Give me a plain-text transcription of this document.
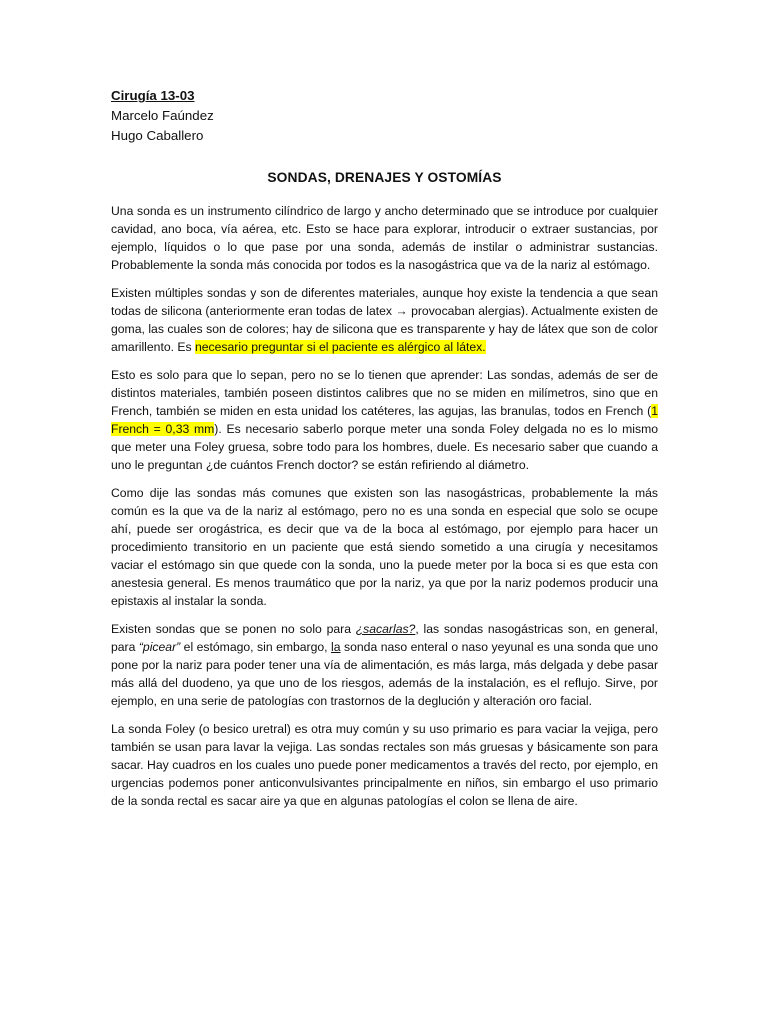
Cirugía 13-03

Marcelo Faúndez

Hugo Caballero

SONDAS, DRENAJES Y OSTOMÍAS

Una sonda es un instrumento cilíndrico de largo y ancho determinado que se introduce por cualquier cavidad, ano boca, vía aérea, etc. Esto se hace para explorar, introducir o extraer sustancias, por ejemplo, líquidos o lo que pase por una sonda, además de instilar o administrar sustancias. Probablemente la sonda más conocida por todos es la nasogástrica que va de la nariz al estómago.

Existen múltiples sondas y son de diferentes materiales, aunque hoy existe la tendencia a que sean todas de silicona (anteriormente eran todas de latex → provocaban alergias). Actualmente existen de goma, las cuales son de colores; hay de silicona que es transparente y hay de látex que son de color amarillento. Es necesario preguntar si el paciente es alérgico al látex.

Esto es solo para que lo sepan, pero no se lo tienen que aprender: Las sondas, además de ser de distintos materiales, también poseen distintos calibres que no se miden en milímetros, sino que en French, también se miden en esta unidad los catéteres, las agujas, las branulas, todos en French (1 French = 0,33 mm). Es necesario saberlo porque meter una sonda Foley delgada no es lo mismo que meter una Foley gruesa, sobre todo para los hombres, duele. Es necesario saber que cuando a uno le preguntan ¿de cuántos French doctor? se están refiriendo al diámetro.

Como dije las sondas más comunes que existen son las nasogástricas, probablemente la más común es la que va de la nariz al estómago, pero no es una sonda en especial que solo se ocupe ahí, puede ser orogástrica, es decir que va de la boca al estómago, por ejemplo para hacer un procedimiento transitorio en un paciente que está siendo sometido a una cirugía y necesitamos vaciar el estómago sin que quede con la sonda, uno la puede meter por la boca si es que esta con anestesia general. Es menos traumático que por la nariz, ya que por la nariz podemos producir una epistaxis al instalar la sonda.

Existen sondas que se ponen no solo para ¿sacarlas?, las sondas nasogástricas son, en general, para “picear” el estómago, sin embargo, la sonda naso enteral o naso yeyunal es una sonda que uno pone por la nariz para poder tener una vía de alimentación, es más larga, más delgada y debe pasar más allá del duodeno, ya que uno de los riesgos, además de la instalación, es el reflujo. Sirve, por ejemplo, en una serie de patologías con trastornos de la deglución y alteración oro facial.

La sonda Foley (o besico uretral) es otra muy común y su uso primario es para vaciar la vejiga, pero también se usan para lavar la vejiga. Las sondas rectales son más gruesas y básicamente son para sacar. Hay cuadros en los cuales uno puede poner medicamentos a través del recto, por ejemplo, en urgencias podemos poner anticonvulsivantes principalmente en niños, sin embargo el uso primario de la sonda rectal es sacar aire ya que en algunas patologías el colon se llena de aire.
